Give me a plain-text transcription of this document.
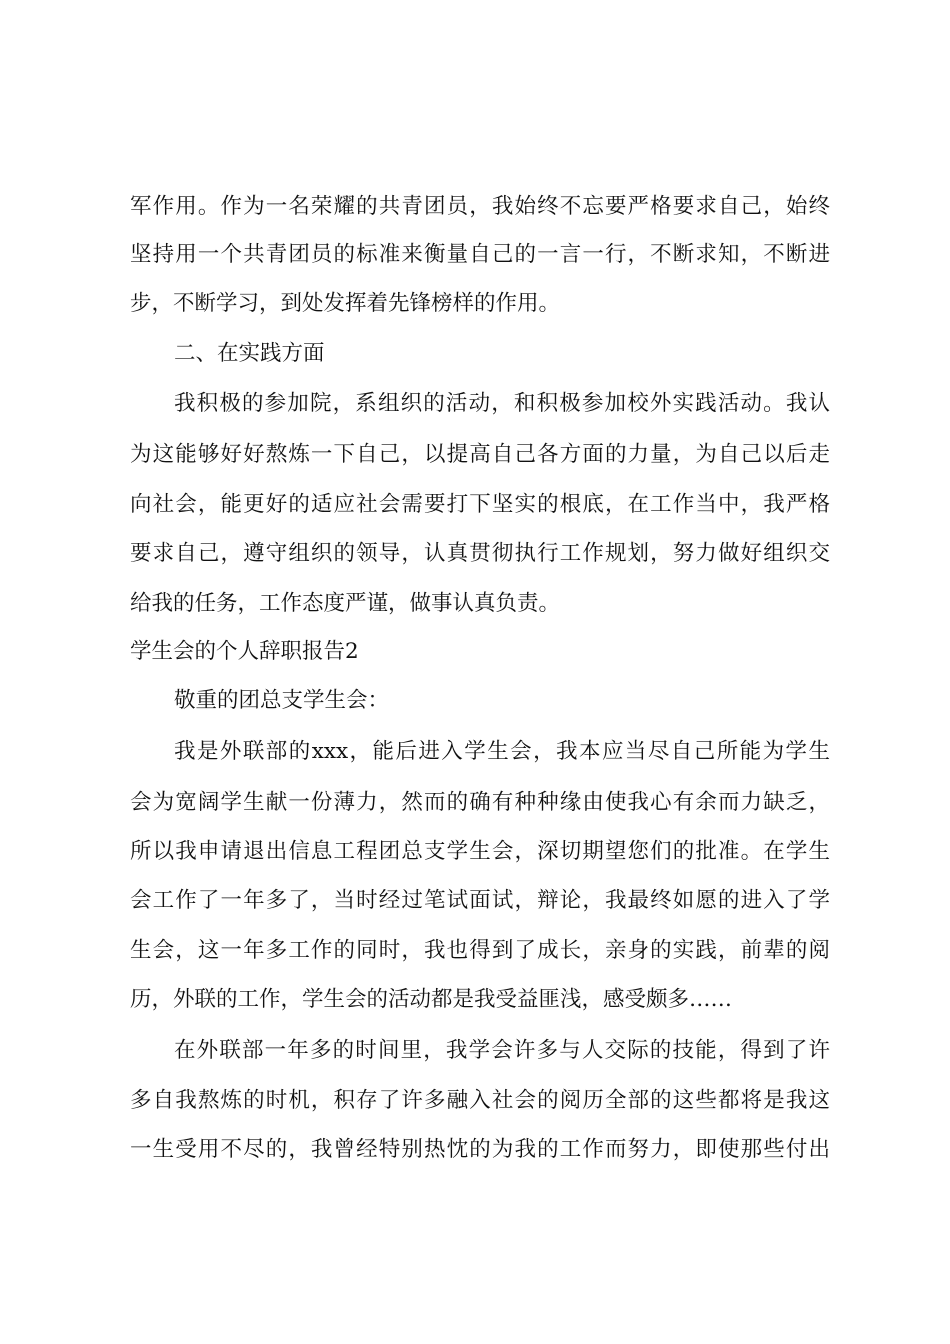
军作用。作为一名荣耀的共青团员，我始终不忘要严格要求自己，始终
坚持用一个共青团员的标准来衡量自己的一言一行，不断求知，不断进
步，不断学习，到处发挥着先锋榜样的作用。
二、在实践方面
我积极的参加院，系组织的活动，和积极参加校外实践活动。我认
为这能够好好熬炼一下自己，以提高自己各方面的力量，为自己以后走
向社会，能更好的适应社会需要打下坚实的根底，在工作当中，我严格
要求自己，遵守组织的领导，认真贯彻执行工作规划，努力做好组织交
给我的任务，工作态度严谨，做事认真负责。
学生会的个人辞职报告2
敬重的团总支学生会：
我是外联部的xxx，能后进入学生会，我本应当尽自己所能为学生
会为宽阔学生献一份薄力，然而的确有种种缘由使我心有余而力缺乏，
所以我申请退出信息工程团总支学生会，深切期望您们的批准。在学生
会工作了一年多了，当时经过笔试面试，辩论，我最终如愿的进入了学
生会，这一年多工作的同时，我也得到了成长，亲身的实践，前辈的阅
历，外联的工作，学生会的活动都是我受益匪浅，感受颇多……
在外联部一年多的时间里，我学会许多与人交际的技能，得到了许
多自我熬炼的时机，积存了许多融入社会的阅历全部的这些都将是我这
一生受用不尽的，我曾经特别热忱的为我的工作而努力，即使那些付出
